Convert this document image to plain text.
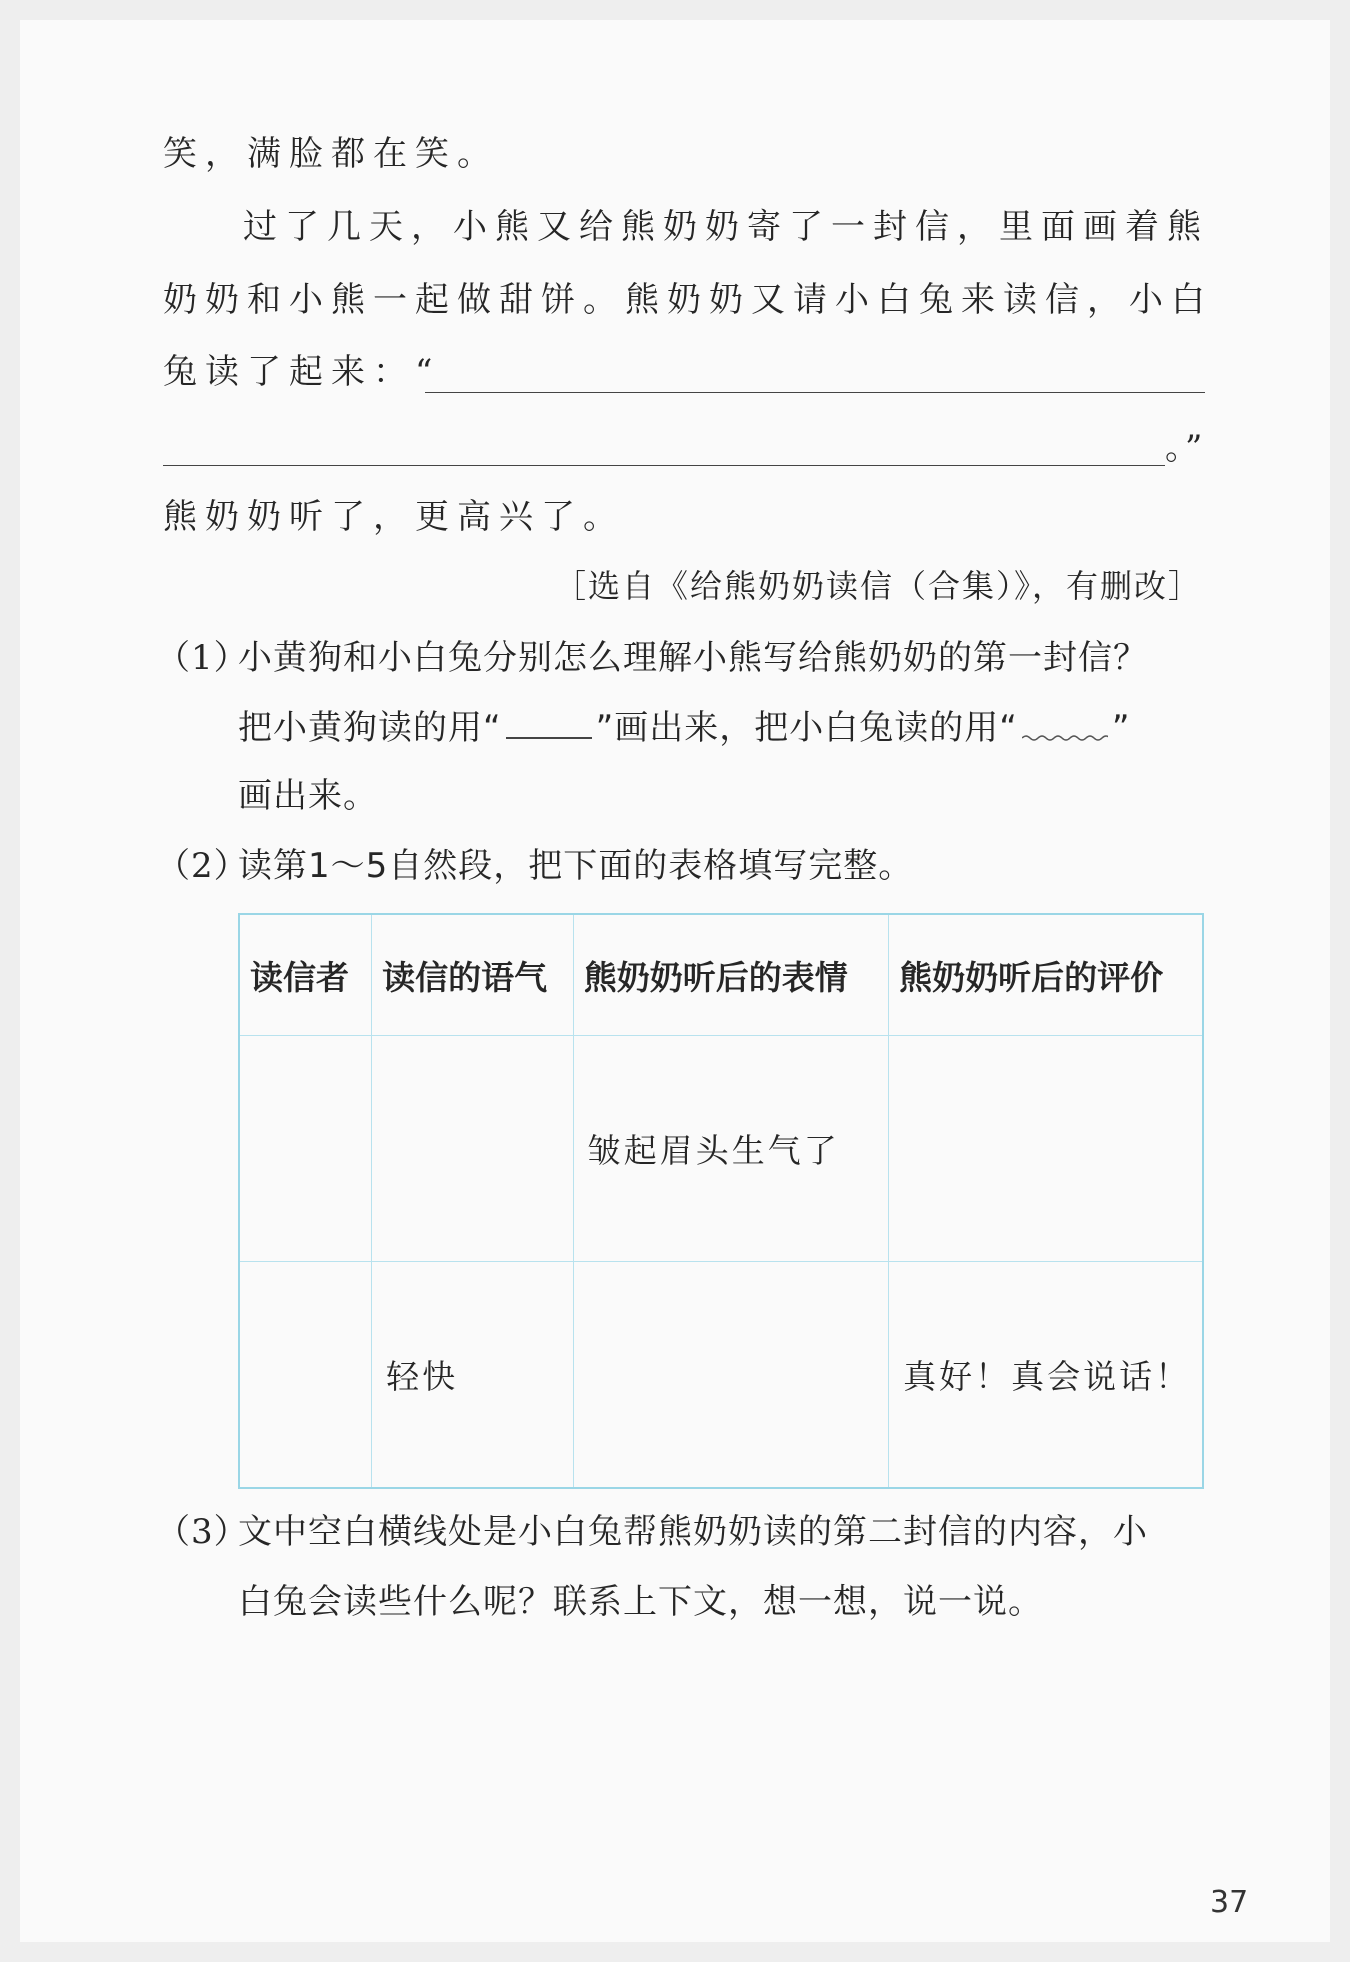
笑，满脸都在笑。
过了几天，小熊又给熊奶奶寄了一封信，里面画着熊
奶奶和小熊一起做甜饼。熊奶奶又请小白兔来读信，小白
兔读了起来：“
。”
熊奶奶听了，更高兴了。
［选自《给熊奶奶读信（合集）》，有删改］
（1）
小黄狗和小白兔分别怎么理解小熊写给熊奶奶的第一封信？
把小黄狗读的用“	”画出来，把小白兔读的用“	”
画出来。
（2）
读第1～5自然段，把下面的表格填写完整。
读信者	读信的语气	熊奶奶听后的表情	熊奶奶听后的评价
		皱起眉头生气了	
	轻快		真好！真会说话！
（3）
文中空白横线处是小白兔帮熊奶奶读的第二封信的内容，小
白兔会读些什么呢？联系上下文，想一想，说一说。
37
